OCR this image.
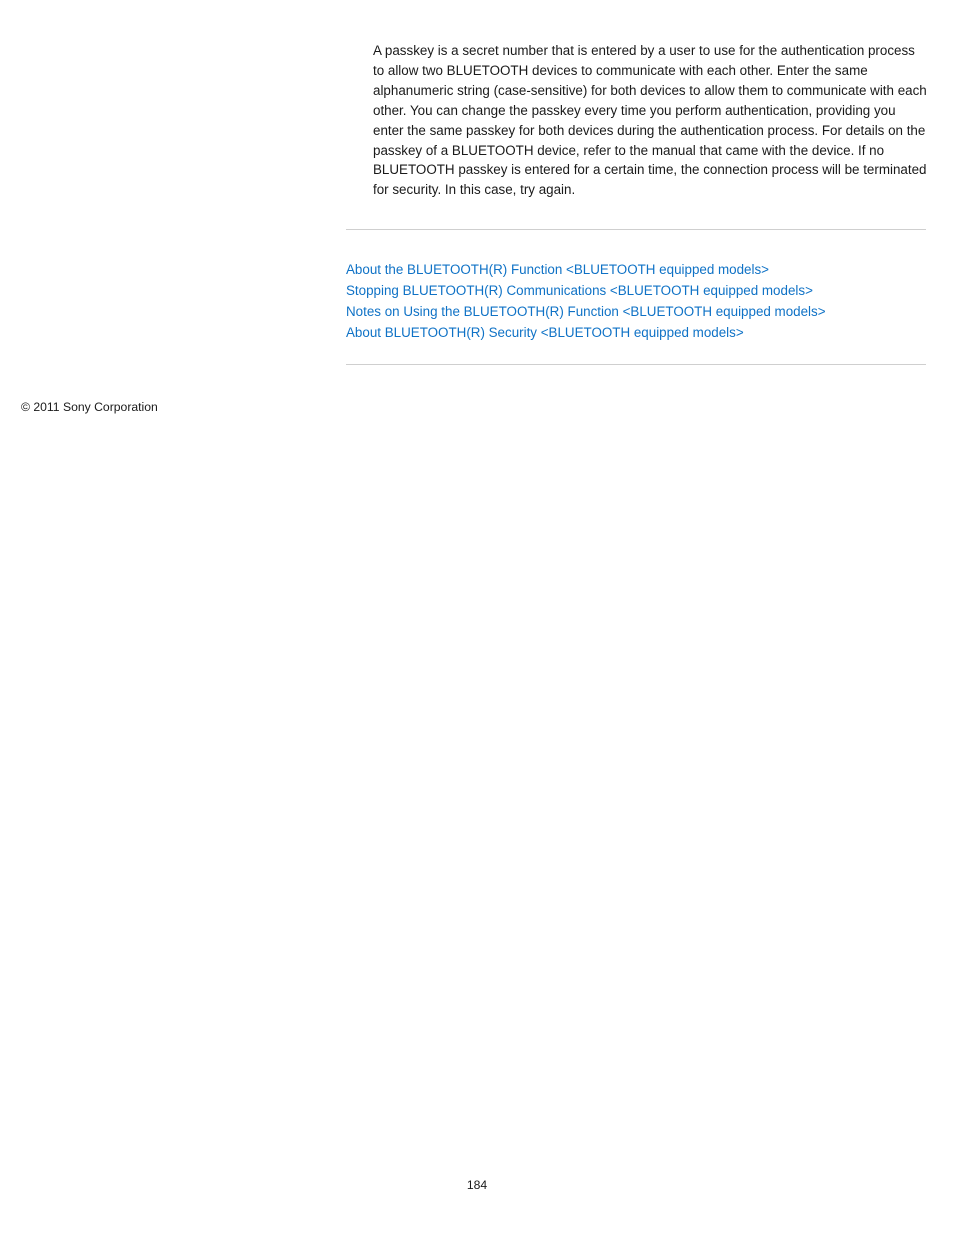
A passkey is a secret number that is entered by a user to use for the authentication process to allow two BLUETOOTH devices to communicate with each other. Enter the same alphanumeric string (case-sensitive) for both devices to allow them to communicate with each other. You can change the passkey every time you perform authentication, providing you enter the same passkey for both devices during the authentication process. For details on the passkey of a BLUETOOTH device, refer to the manual that came with the device. If no BLUETOOTH passkey is entered for a certain time, the connection process will be terminated for security. In this case, try again.

About the BLUETOOTH(R) Function <BLUETOOTH equipped models>
Stopping BLUETOOTH(R) Communications <BLUETOOTH equipped models>
Notes on Using the BLUETOOTH(R) Function <BLUETOOTH equipped models>
About BLUETOOTH(R) Security <BLUETOOTH equipped models>
© 2011 Sony Corporation
184
